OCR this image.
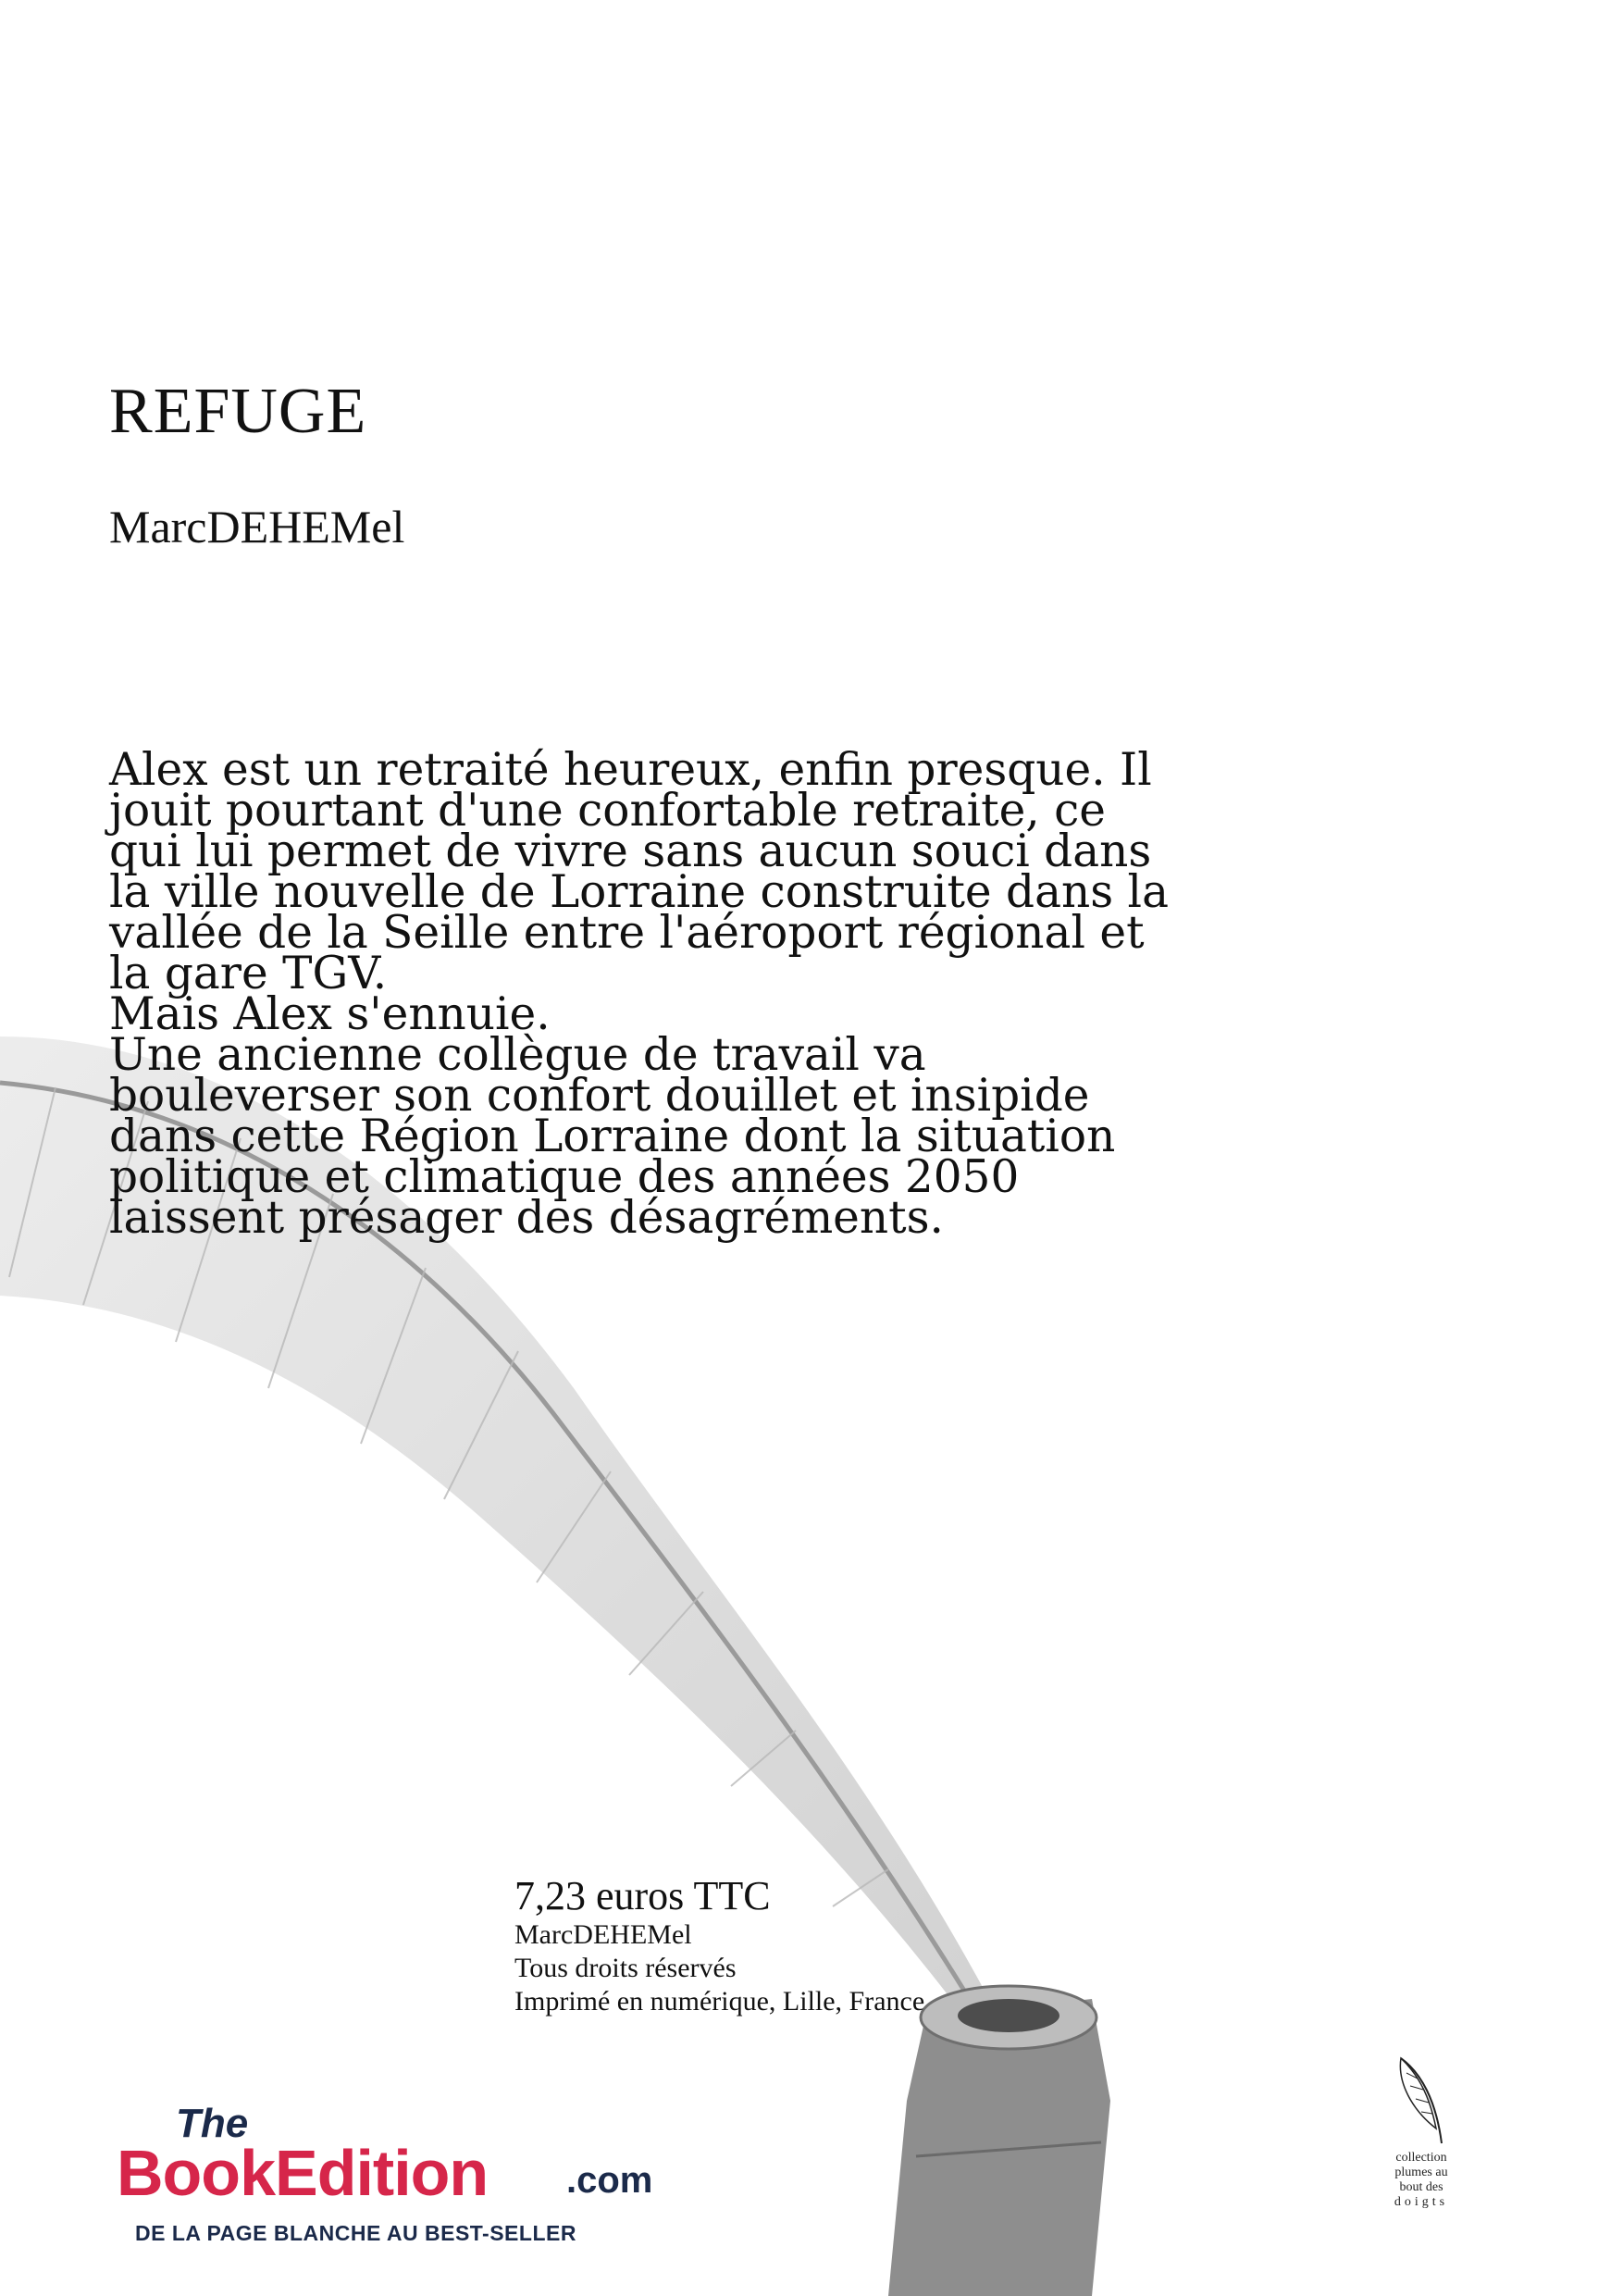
REFUGE
MarcDEHEMel
Alex est un retraité heureux, enfin presque. Il
jouit pourtant d'une confortable retraite, ce
qui lui permet de vivre sans aucun souci dans
la ville nouvelle de Lorraine construite dans la
vallée de la Seille entre l'aéroport régional et
la gare TGV.
Mais Alex s'ennuie.
Une ancienne collègue de travail va
bouleverser son confort douillet et insipide
dans cette Région Lorraine dont la situation
politique et climatique des années 2050
laissent présager des désagréments.
7,23 euros TTC
MarcDEHEMel
Tous droits réservés
Imprimé en numérique, Lille, France
The
BookEdition .com
DE LA PAGE BLANCHE AU BEST-SELLER
collection
plumes au
bout des
doigts
